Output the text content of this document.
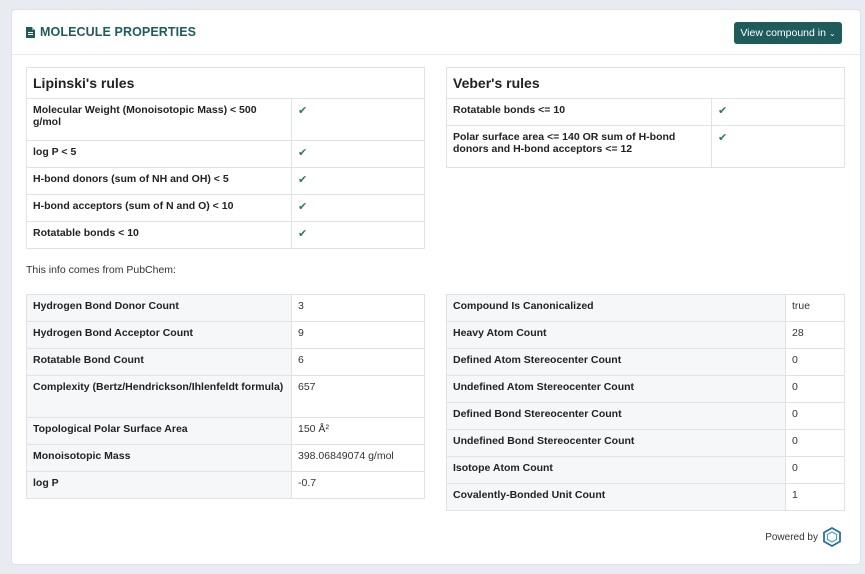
MOLECULE PROPERTIES	View compound in ⌄
Lipinski's rules	
Molecular Weight (Monoisotopic Mass) < 500 g/mol	✔
log P < 5	✔
H-bond donors (sum of NH and OH) < 5	✔
H-bond acceptors (sum of N and O) < 10	✔
Rotatable bonds < 10	✔
Veber's rules	
Rotatable bonds <= 10	✔
Polar surface area <= 140 OR sum of H-bond donors and H-bond acceptors <= 12	✔
This info comes from PubChem:
Hydrogen Bond Donor Count	3
Hydrogen Bond Acceptor Count	9
Rotatable Bond Count	6
Complexity (Bertz/Hendrickson/Ihlenfeldt formula)	657
Topological Polar Surface Area	150 Å²
Monoisotopic Mass	398.06849074 g/mol
log P	-0.7
Compound Is Canonicalized	true
Heavy Atom Count	28
Defined Atom Stereocenter Count	0
Undefined Atom Stereocenter Count	0
Defined Bond Stereocenter Count	0
Undefined Bond Stereocenter Count	0
Isotope Atom Count	0
Covalently-Bonded Unit Count	1
Powered by
